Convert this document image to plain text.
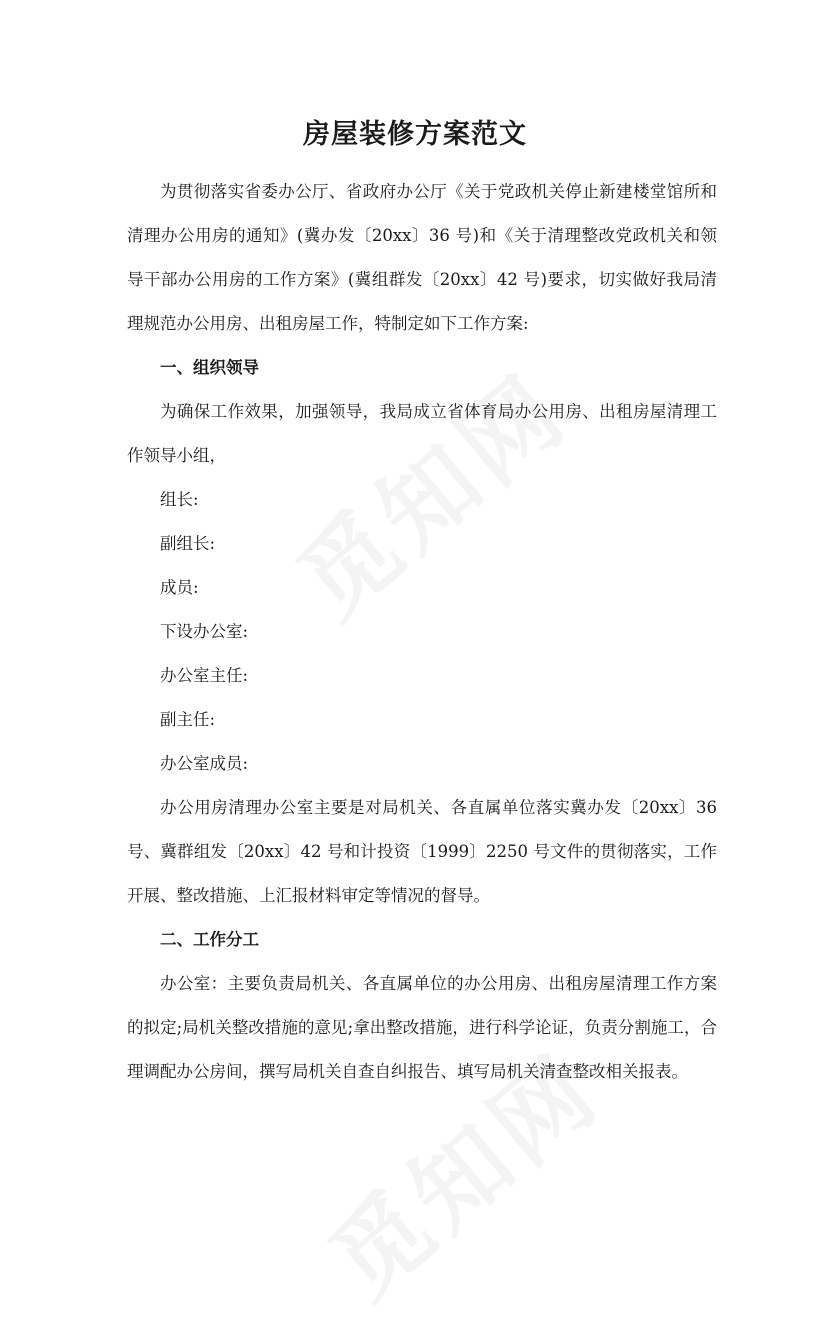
房屋装修方案范文

为贯彻落实省委办公厅、省政府办公厅《关于党政机关停止新建楼堂馆所和清理办公用房的通知》(冀办发〔20xx〕36 号)和《关于清理整改党政机关和领导干部办公用房的工作方案》(冀组群发〔20xx〕42 号)要求，切实做好我局清理规范办公用房、出租房屋工作，特制定如下工作方案:

一、组织领导

为确保工作效果，加强领导，我局成立省体育局办公用房、出租房屋清理工作领导小组，

组长:

副组长:

成员:

下设办公室:

办公室主任:

副主任:

办公室成员:

办公用房清理办公室主要是对局机关、各直属单位落实冀办发〔20xx〕36 号、冀群组发〔20xx〕42 号和计投资〔1999〕2250 号文件的贯彻落实，工作开展、整改措施、上汇报材料审定等情况的督导。

二、工作分工

办公室：主要负责局机关、各直属单位的办公用房、出租房屋清理工作方案的拟定;局机关整改措施的意见;拿出整改措施，进行科学论证，负责分割施工，合理调配办公房间，撰写局机关自查自纠报告、填写局机关清查整改相关报表。
